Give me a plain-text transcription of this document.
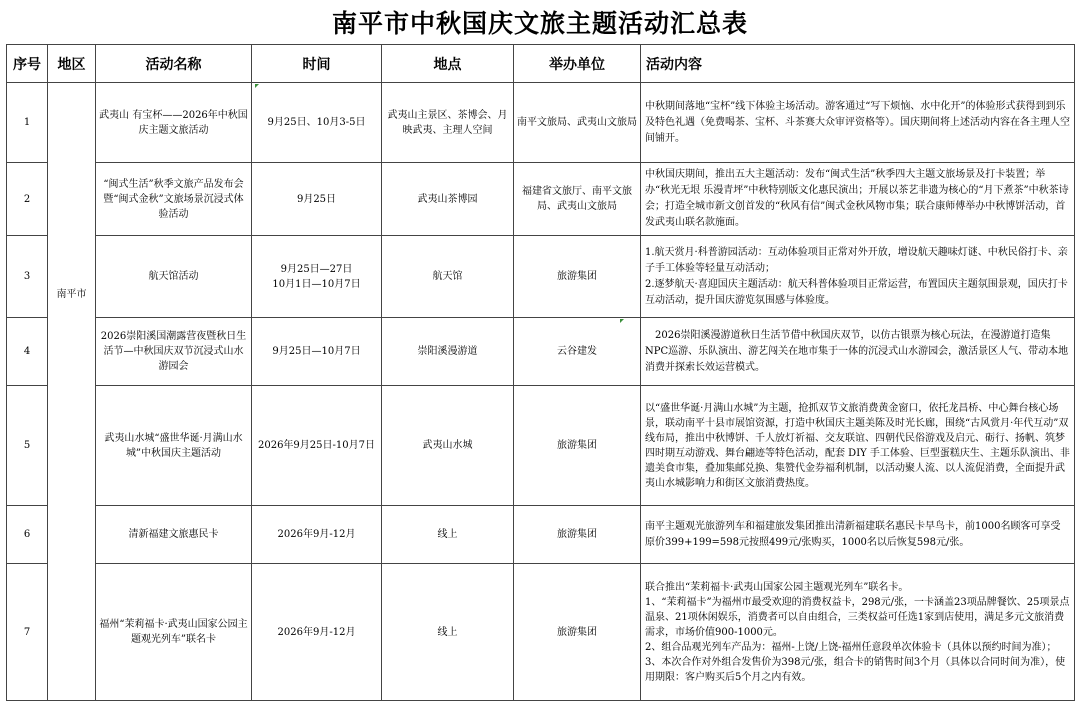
南平市中秋国庆文旅主题活动汇总表
序号	地区	活动名称	时间	地点	举办单位	活动内容
1	南平市	武夷山 有宝杯——2026年中秋国庆主题文旅活动	9月25日、10月3-5日	武夷山主景区、茶博会、月映武夷、主理人空间	南平文旅局、武夷山文旅局	中秋期间落地“宝杯”线下体验主场活动。游客通过“写下烦恼、水中化开”的体验形式获得到到乐及特色礼遇（免费喝茶、宝杯、斗茶赛大众审评资格等）。国庆期间将上述活动内容在各主理人空间铺开。
2		“闽式生活”秋季文旅产品发布会暨“闽式金秋”文旅场景沉浸式体验活动	9月25日	武夷山茶博园	福建省文旅厅、南平文旅局、武夷山文旅局	中秋国庆期间，推出五大主题活动：发布“闽式生活”秋季四大主题文旅场景及打卡装置；举办“秋光无垠 乐漫青坪”中秋特别版文化惠民演出；开展以茶艺非遗为核心的“月下煮茶”中秋茶诗会；打造全城市新文创首发的“秋风有信”闽式金秋风物市集；联合康师傅举办中秋博饼活动，首发武夷山联名款施面。
3		航天馆活动	9月25日—27日
10月1日—10月7日	航天馆	旅游集团	1.航天赏月·科普游园活动：互动体验项目正常对外开放，增设航天趣味灯谜、中秋民俗打卡、亲子手工体验等轻量互动活动；
2.逐梦航天·喜迎国庆主题活动：航天科普体验项目正常运营，布置国庆主题氛围景观，国庆打卡互动活动，提升国庆游览氛围感与体验度。
4		2026崇阳溪国潮露营夜暨秋日生活节—中秋国庆双节沉浸式山水游园会	9月25日—10月7日	崇阳溪漫游道	云谷建发	2026崇阳溪漫游道秋日生活节借中秋国庆双节，以仿古银票为核心玩法，在漫游道打造集NPC巡游、乐队演出、游艺闯关在地市集于一体的沉浸式山水游园会，激活景区人气、带动本地消费并探索长效运营模式。
5		武夷山水城“盛世华诞·月满山水城”中秋国庆主题活动	2026年9月25日-10月7日	武夷山水城	旅游集团	以“盛世华诞·月满山水城”为主题，抢抓双节文旅消费黄金窗口，依托龙昌桥、中心舞台核心场景，联动南平十县市展馆资源，打造中秋国庆主题美陈及时光长廊，围绕“古风赏月·年代互动”双线布局，推出中秋博饼、千人放灯祈福、交友联谊、四朝代民俗游戏及启元、砺行、扬帆、筑梦四时期互动游戏、舞台翩迹等特色活动，配套 DIY 手工体验、巨型蛋糕庆生、主题乐队演出、非遗美食市集，叠加集邮兑换、集赞代金券福利机制，以活动聚人流、以人流促消费，全面提升武夷山水城影响力和街区文旅消费热度。
6		清新福建文旅惠民卡	2026年9月-12月	线上	旅游集团	南平主题观光旅游列车和福建旅发集团推出清新福建联名惠民卡早鸟卡，前1000名顾客可享受原价399+199=598元按照499元/张购买，1000名以后恢复598元/张。
7		福州“茉莉福卡·武夷山国家公园主题观光列车”联名卡	2026年9月-12月	线上	旅游集团	联合推出“茉莉福卡·武夷山国家公园主题观光列车”联名卡。
1、“茉莉福卡”为福州市最受欢迎的消费权益卡，298元/张，一卡涵盖23项品牌餐饮、25项景点温泉、21项休闲娱乐，消费者可以自由组合，三类权益可任选1家到店使用，满足多元文旅消费需求，市场价值900-1000元。
2、组合品观光列车产品为：福州-上饶/上饶-福州任意段单次体验卡（具体以预约时间为准）；
3、本次合作对外组合发售价为398元/张，组合卡的销售时间3个月（具体以合同时间为准），使用期限：客户购买后5个月之内有效。
